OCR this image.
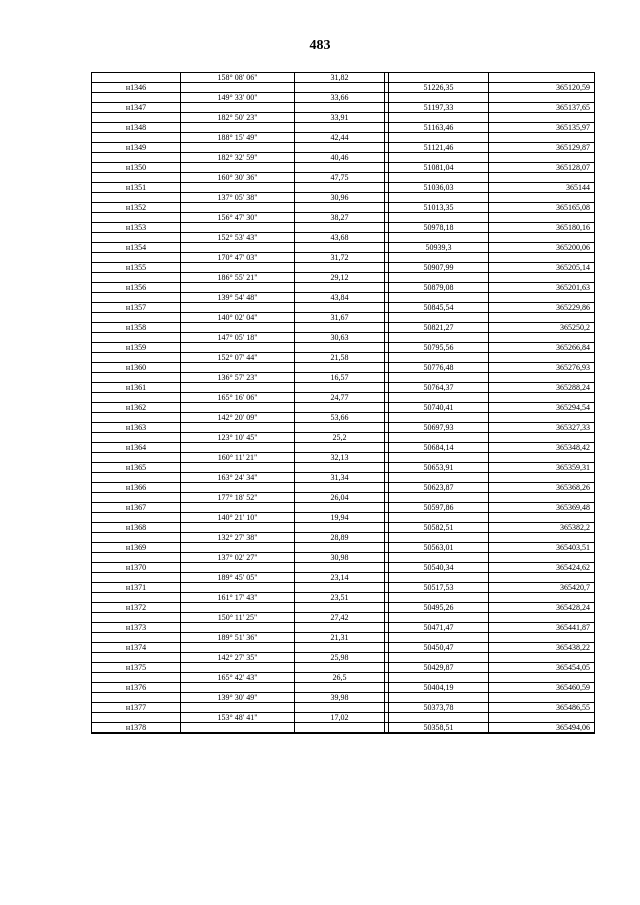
483
158° 08' 06"	31,82
н1346	51226,35	365120,59
149° 33' 00"	33,66
н1347	51197,33	365137,65
182° 50' 23"	33,91
н1348	51163,46	365135,97
188° 15' 49"	42,44
н1349	51121,46	365129,87
182° 32' 59"	40,46
н1350	51081,04	365128,07
160° 30' 36"	47,75
н1351	51036,03	365144
137° 05' 38"	30,96
н1352	51013,35	365165,08
156° 47' 30"	38,27
н1353	50978,18	365180,16
152° 53' 43"	43,68
н1354	50939,3	365200,06
170° 47' 03"	31,72
н1355	50907,99	365205,14
186° 55' 21"	29,12
н1356	50879,08	365201,63
139° 54' 48"	43,84
н1357	50845,54	365229,86
140° 02' 04"	31,67
н1358	50821,27	365250,2
147° 05' 18"	30,63
н1359	50795,56	365266,84
152° 07' 44"	21,58
н1360	50776,48	365276,93
136° 57' 23"	16,57
н1361	50764,37	365288,24
165° 16' 06"	24,77
н1362	50740,41	365294,54
142° 20' 09"	53,66
н1363	50697,93	365327,33
123° 10' 45"	25,2
н1364	50684,14	365348,42
160° 11' 21"	32,13
н1365	50653,91	365359,31
163° 24' 34"	31,34
н1366	50623,87	365368,26
177° 18' 52"	26,04
н1367	50597,86	365369,48
140° 21' 10"	19,94
н1368	50582,51	365382,2
132° 27' 38"	28,89
н1369	50563,01	365403,51
137° 02' 27"	30,98
н1370	50540,34	365424,62
189° 45' 05"	23,14
н1371	50517,53	365420,7
161° 17' 43"	23,51
н1372	50495,26	365428,24
150° 11' 25"	27,42
н1373	50471,47	365441,87
189° 51' 36"	21,31
н1374	50450,47	365438,22
142° 27' 35"	25,98
н1375	50429,87	365454,05
165° 42' 43"	26,5
н1376	50404,19	365460,59
139° 30' 49"	39,98
н1377	50373,78	365486,55
153° 48' 41"	17,02
н1378	50358,51	365494,06
